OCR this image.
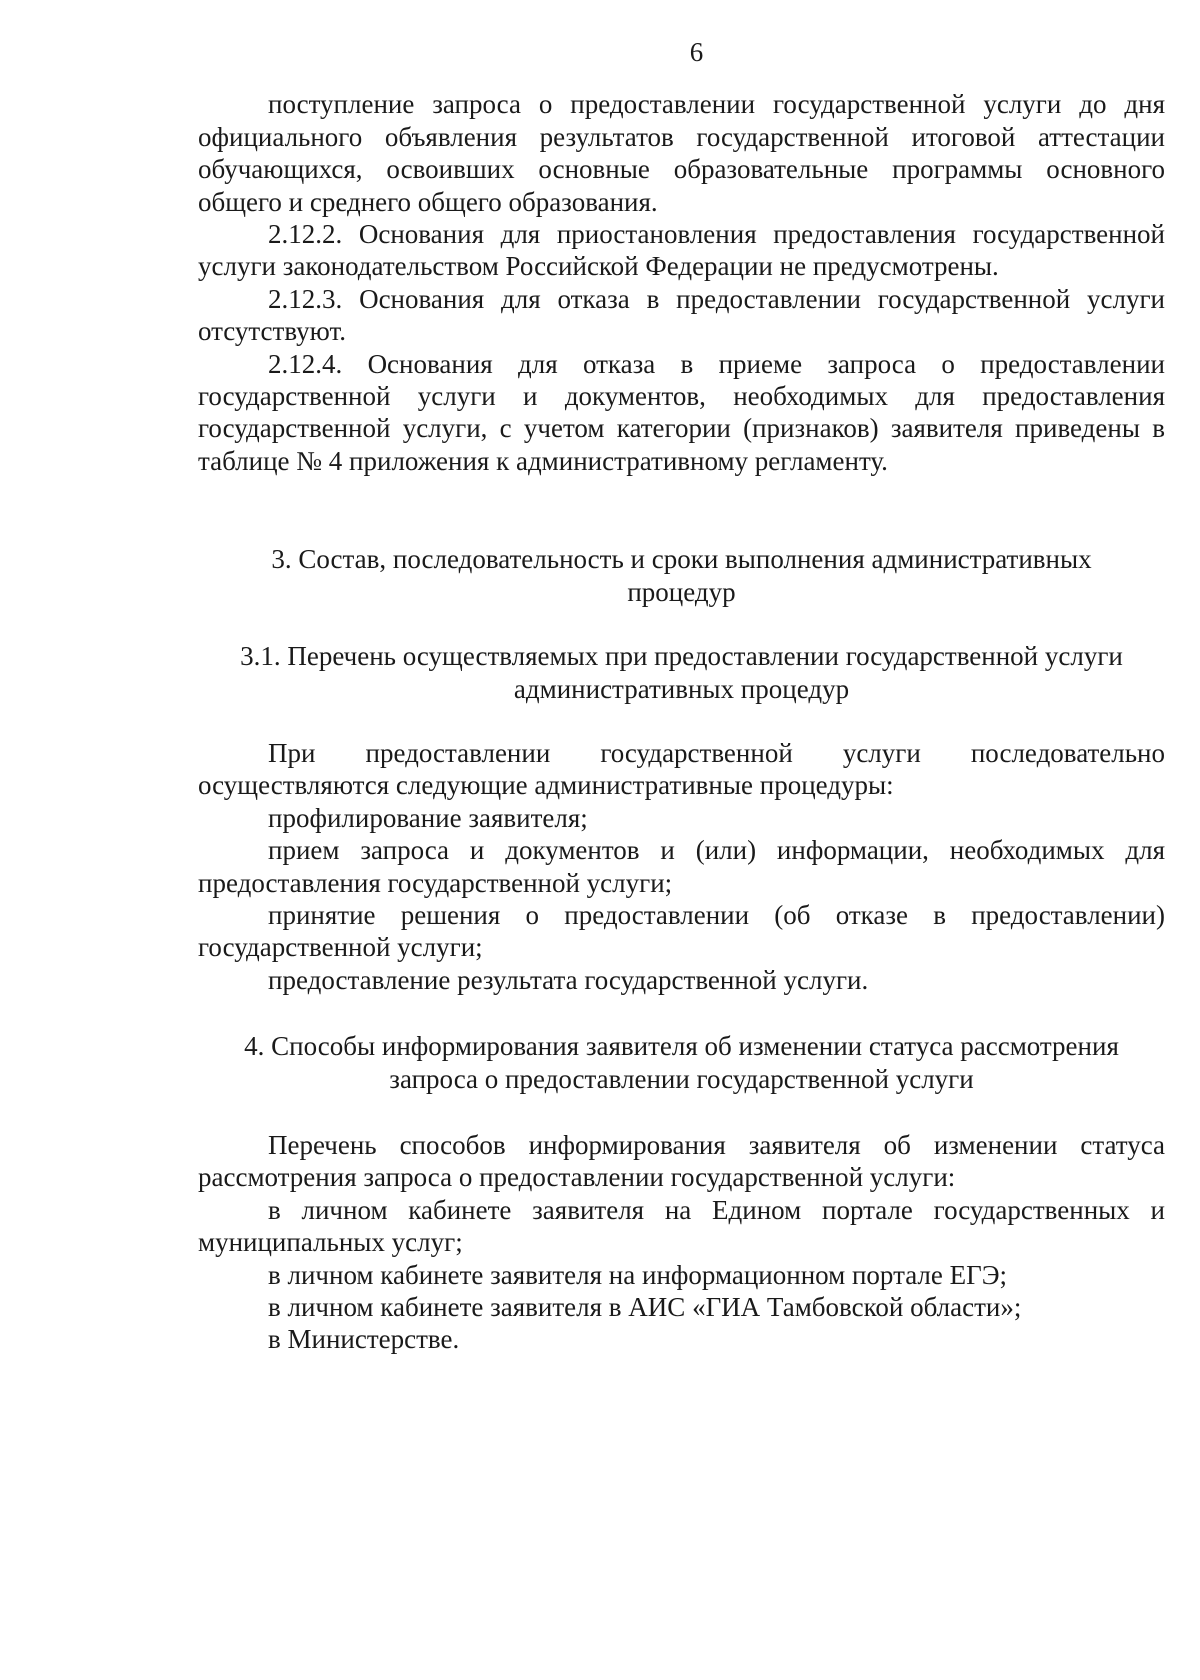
6

поступление запроса о предоставлении государственной услуги до дня официального объявления результатов государственной итоговой аттестации обучающихся, освоивших основные образовательные программы основного общего и среднего общего образования.

2.12.2. Основания для приостановления предоставления государственной услуги законодательством Российской Федерации не предусмотрены.

2.12.3. Основания для отказа в предоставлении государственной услуги отсутствуют.

2.12.4. Основания для отказа в приеме запроса о предоставлении государственной услуги и документов, необходимых для предоставления государственной услуги, с учетом категории (признаков) заявителя приведены в таблице № 4 приложения к административному регламенту.

3. Состав, последовательность и сроки выполнения административных процедур
3.1. Перечень осуществляемых при предоставлении государственной услуги административных процедур

При предоставлении государственной услуги последовательно осуществляются следующие административные процедуры:

профилирование заявителя;

прием запроса и документов и (или) информации, необходимых для предоставления государственной услуги;

принятие решения о предоставлении (об отказе в предоставлении) государственной услуги;

предоставление результата государственной услуги.

4. Способы информирования заявителя об изменении статуса рассмотрения запроса о предоставлении государственной услуги

Перечень способов информирования заявителя об изменении статуса рассмотрения запроса о предоставлении государственной услуги:

в личном кабинете заявителя на Едином портале государственных и муниципальных услуг;

в личном кабинете заявителя на информационном портале ЕГЭ;

в личном кабинете заявителя в АИС «ГИА Тамбовской области»;

в Министерстве.
